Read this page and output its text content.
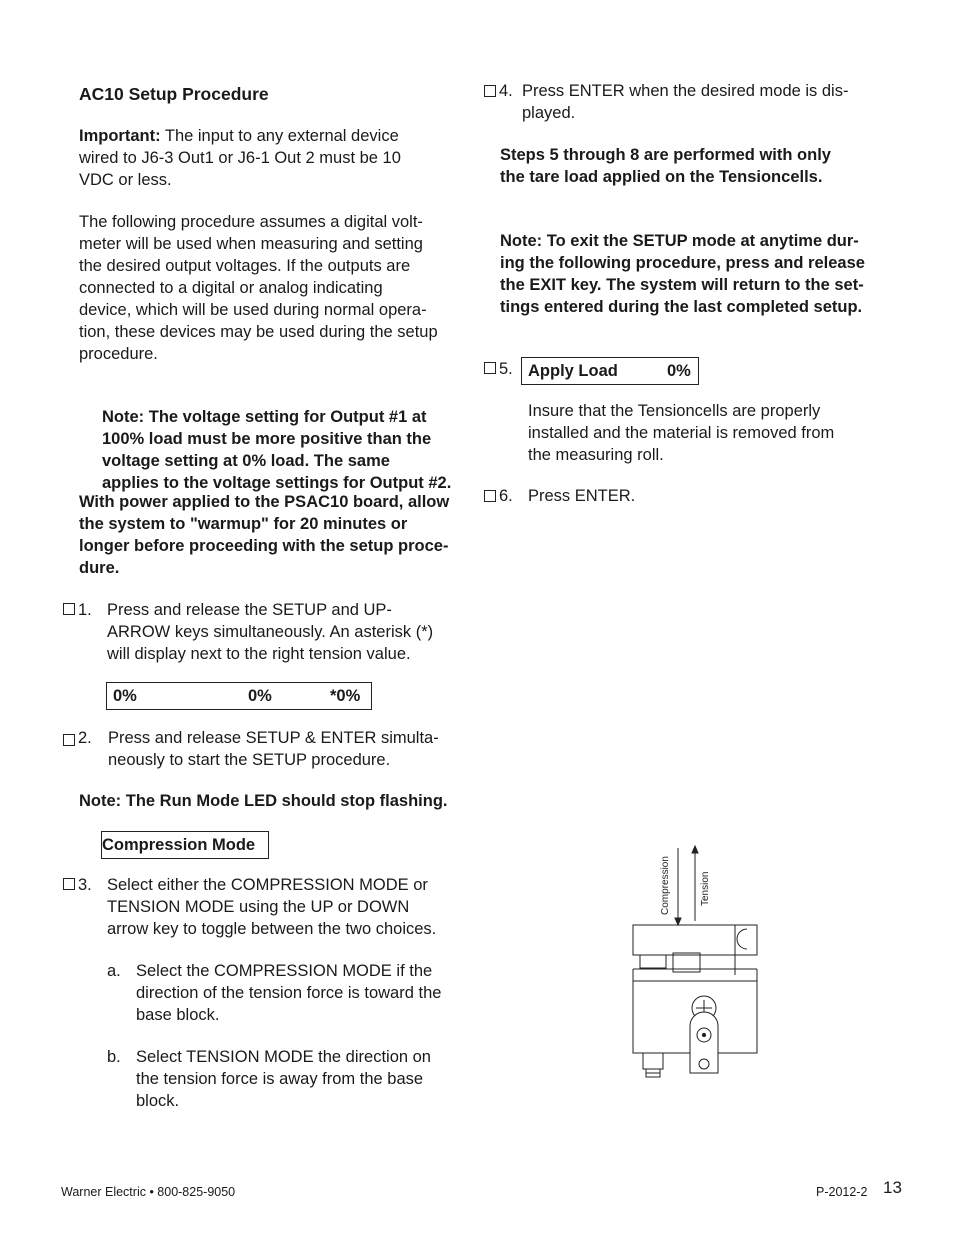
AC10 Setup Procedure
Important: The input to any external device wired to J6-3 Out1 or J6-1 Out 2 must be 10 VDC or less.
The following procedure assumes a digital volt-
meter will be used when measuring and setting
the desired output voltages. If the outputs are
connected to a digital or analog indicating
device, which will be used during normal opera-
tion, these devices may be used during the setup
procedure.

Note: The voltage setting for Output #1 at
100% load must be more positive than the
voltage setting at 0% load. The same
applies to the voltage settings for Output #2.

With power applied to the PSAC10 board, allow
the system to "warmup" for 20 minutes or
longer before proceeding with the setup proce-
dure.
1. Press and release the SETUP and UP-
ARROW keys simultaneously. An asterisk (*)
will display next to the right tension value.
0%	0%	*0%
2. Press and release SETUP & ENTER simulta-
neously to start the SETUP procedure.
Note: The Run Mode LED should stop flashing.
Compression Mode
3. Select either the COMPRESSION MODE or
TENSION MODE using the UP or DOWN
arrow key to toggle between the two choices.
a. Select the COMPRESSION MODE if the
direction of the tension force is toward the
base block.
b. Select TENSION MODE the direction on
the tension force is away from the base
block.
4. Press ENTER when the desired mode is dis-
played.
Steps 5 through 8 are performed with only
the tare load applied on the Tensioncells.

Note: To exit the SETUP mode at anytime dur-
ing the following procedure, press and release
the EXIT key. The system will return to the set-
tings entered during the last completed setup.

5. Apply Load	0%
Insure that the Tensioncells are properly
installed and the material is removed from
the measuring roll.
6. Press ENTER.
Compression	Tension
Warner Electric • 800-825-9050	P-2012-2 13
